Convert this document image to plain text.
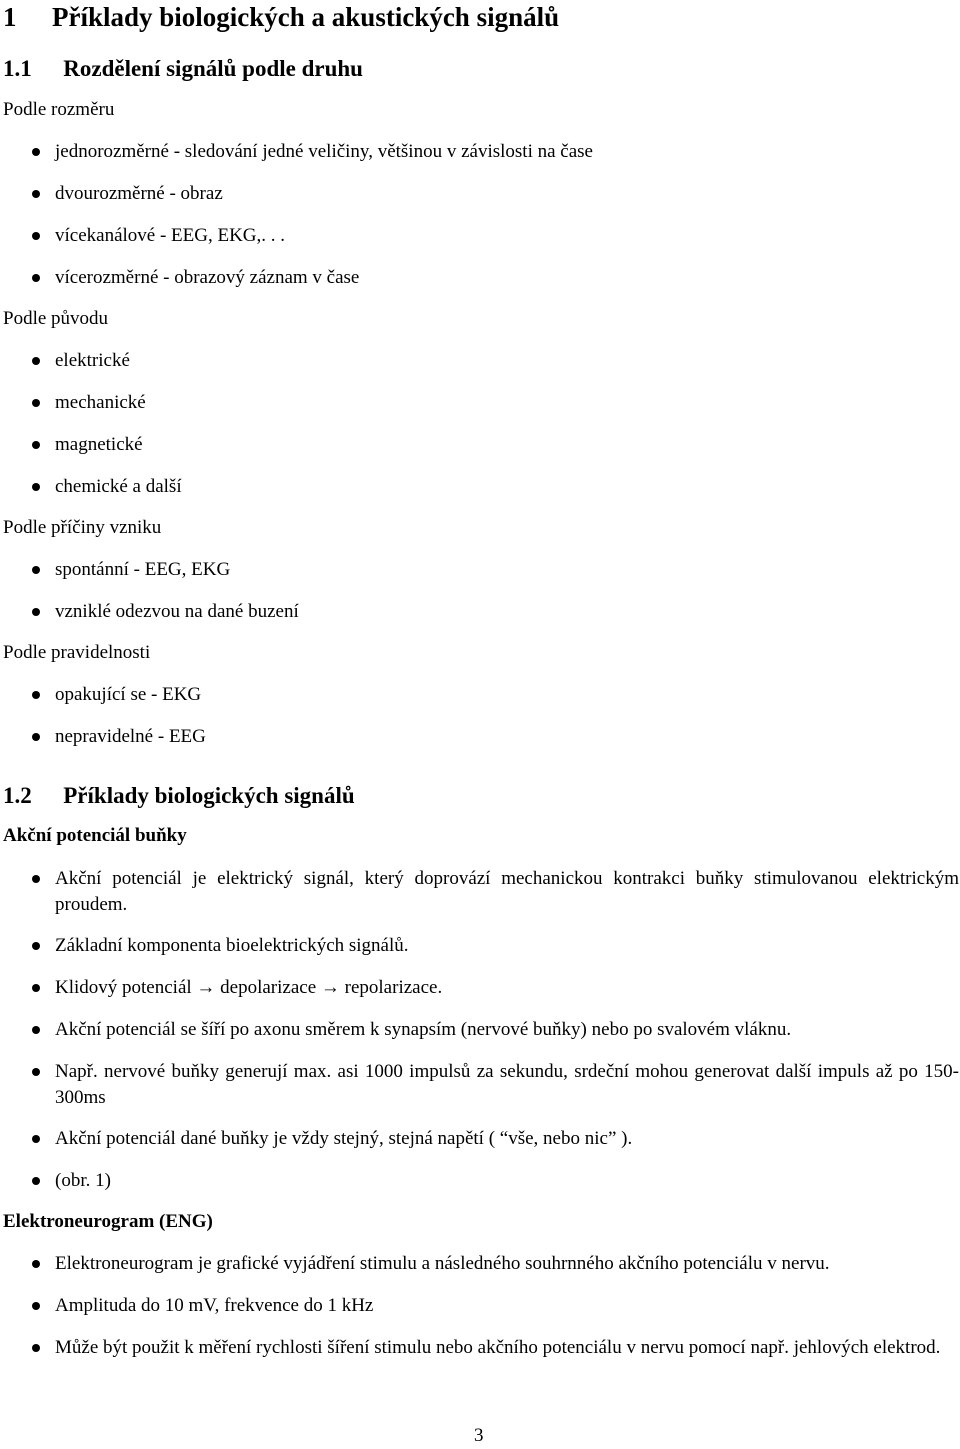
1 Příklady biologických a akustických signálů
1.1 Rozdělení signálů podle druhu
Podle rozměru
jednorozměrné - sledování jedné veličiny, většinou v závislosti na čase
dvourozměrné - obraz
vícekanálové - EEG, EKG,. . .
vícerozměrné - obrazový záznam v čase
Podle původu
elektrické
mechanické
magnetické
chemické a další
Podle příčiny vzniku
spontánní - EEG, EKG
vzniklé odezvou na dané buzení
Podle pravidelnosti
opakující se - EKG
nepravidelné - EEG
1.2 Příklady biologických signálů
Akční potenciál buňky
Akční potenciál je elektrický signál, který doprovází mechanickou kontrakci buňky stimulovanou elektrickým proudem.
Základní komponenta bioelektrických signálů.
Klidový potenciál → depolarizace → repolarizace.
Akční potenciál se šíří po axonu směrem k synapsím (nervové buňky) nebo po svalovém vláknu.
Např. nervové buňky generují max. asi 1000 impulsů za sekundu, srdeční mohou generovat další impuls až po 150-300ms
Akční potenciál dané buňky je vždy stejný, stejná napětí ( “vše, nebo nic” ).
(obr. 1)
Elektroneurogram (ENG)
Elektroneurogram je grafické vyjádření stimulu a následného souhrnného akčního potenciálu v nervu.
Amplituda do 10 mV, frekvence do 1 kHz
Může být použit k měření rychlosti šíření stimulu nebo akčního potenciálu v nervu pomocí např. jehlových elektrod.
3
